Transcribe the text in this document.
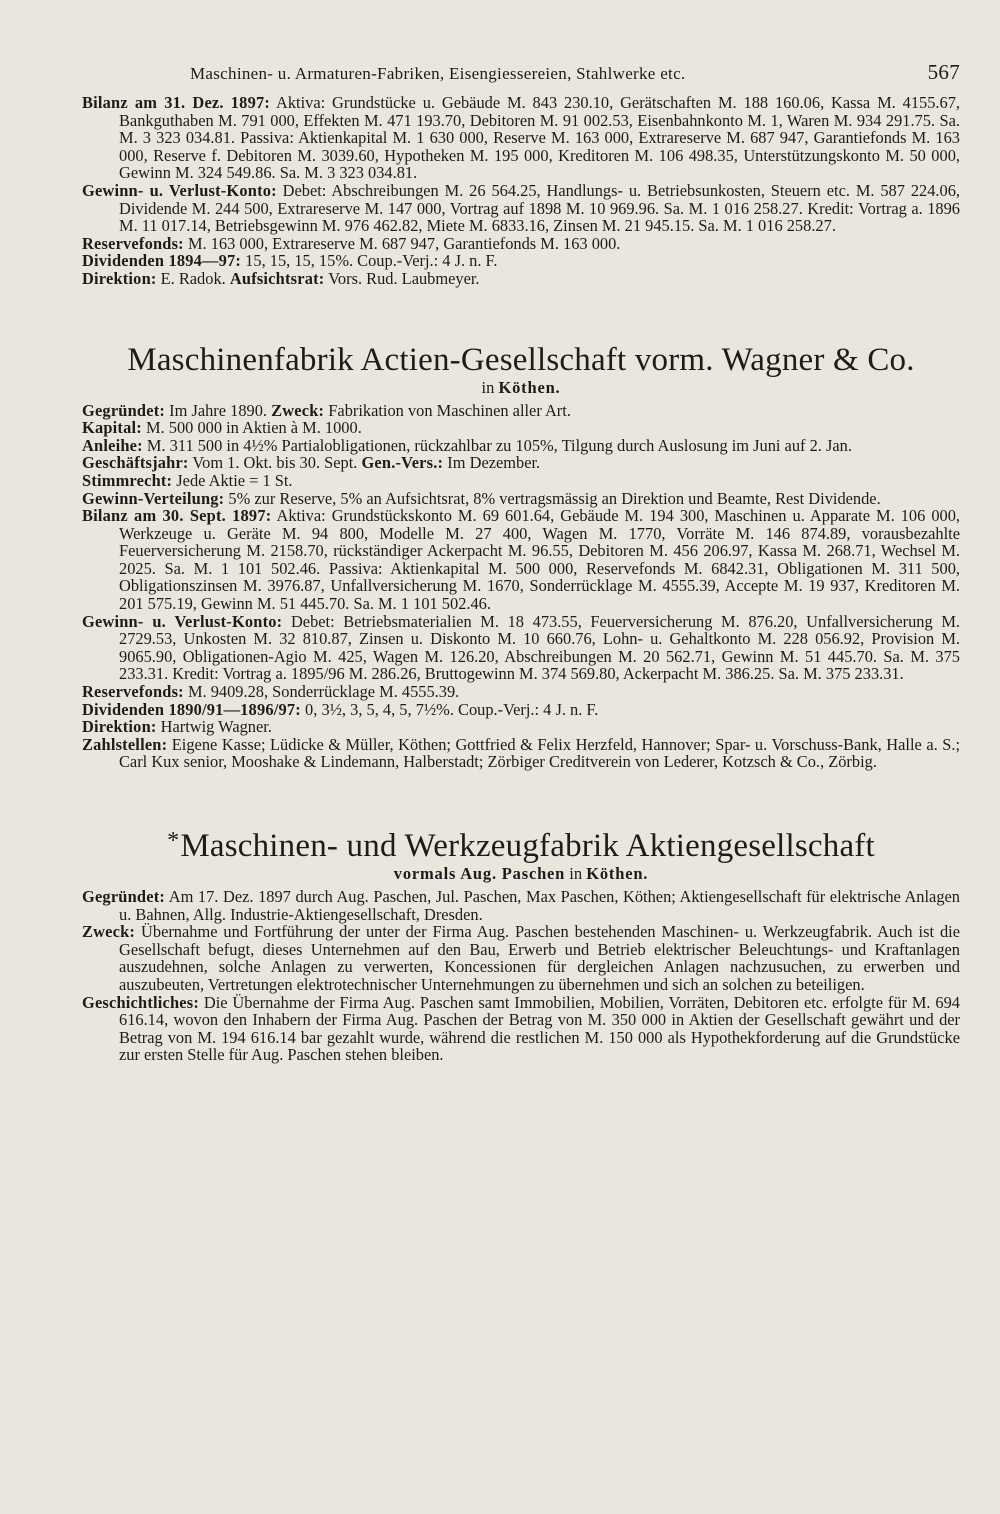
Maschinen- u. Armaturen-Fabriken, Eisengiessereien, Stahlwerke etc.	567

Bilanz am 31. Dez. 1897: Aktiva: Grundstücke u. Gebäude M. 843 230.10, Gerätschaften M. 188 160.06, Kassa M. 4155.67, Bankguthaben M. 791 000, Effekten M. 471 193.70, Debitoren M. 91 002.53, Eisenbahnkonto M. 1, Waren M. 934 291.75. Sa. M. 3 323 034.81. Passiva: Aktienkapital M. 1 630 000, Reserve M. 163 000, Extrareserve M. 687 947, Garantiefonds M. 163 000, Reserve f. Debitoren M. 3039.60, Hypotheken M. 195 000, Kreditoren M. 106 498.35, Unterstützungskonto M. 50 000, Gewinn M. 324 549.86. Sa. M. 3 323 034.81.

Gewinn- u. Verlust-Konto: Debet: Abschreibungen M. 26 564.25, Handlungs- u. Betriebsunkosten, Steuern etc. M. 587 224.06, Dividende M. 244 500, Extrareserve M. 147 000, Vortrag auf 1898 M. 10 969.96. Sa. M. 1 016 258.27. Kredit: Vortrag a. 1896 M. 11 017.14, Betriebsgewinn M. 976 462.82, Miete M. 6833.16, Zinsen M. 21 945.15. Sa. M. 1 016 258.27.

Reservefonds: M. 163 000, Extrareserve M. 687 947, Garantiefonds M. 163 000.

Dividenden 1894—97: 15, 15, 15, 15%. Coup.-Verj.: 4 J. n. F.

Direktion: E. Radok. Aufsichtsrat: Vors. Rud. Laubmeyer.

Maschinenfabrik Actien-Gesellschaft vorm. Wagner & Co.

in Köthen.

Gegründet: Im Jahre 1890. Zweck: Fabrikation von Maschinen aller Art.

Kapital: M. 500 000 in Aktien à M. 1000.

Anleihe: M. 311 500 in 4½% Partialobligationen, rückzahlbar zu 105%, Tilgung durch Auslosung im Juni auf 2. Jan.

Geschäftsjahr: Vom 1. Okt. bis 30. Sept. Gen.-Vers.: Im Dezember.

Stimmrecht: Jede Aktie = 1 St.

Gewinn-Verteilung: 5% zur Reserve, 5% an Aufsichtsrat, 8% vertragsmässig an Direktion und Beamte, Rest Dividende.

Bilanz am 30. Sept. 1897: Aktiva: Grundstückskonto M. 69 601.64, Gebäude M. 194 300, Maschinen u. Apparate M. 106 000, Werkzeuge u. Geräte M. 94 800, Modelle M. 27 400, Wagen M. 1770, Vorräte M. 146 874.89, vorausbezahlte Feuerversicherung M. 2158.70, rückständiger Ackerpacht M. 96.55, Debitoren M. 456 206.97, Kassa M. 268.71, Wechsel M. 2025. Sa. M. 1 101 502.46. Passiva: Aktienkapital M. 500 000, Reservefonds M. 6842.31, Obligationen M. 311 500, Obligationszinsen M. 3976.87, Unfallversicherung M. 1670, Sonderrücklage M. 4555.39, Accepte M. 19 937, Kreditoren M. 201 575.19, Gewinn M. 51 445.70. Sa. M. 1 101 502.46.

Gewinn- u. Verlust-Konto: Debet: Betriebsmaterialien M. 18 473.55, Feuerversicherung M. 876.20, Unfallversicherung M. 2729.53, Unkosten M. 32 810.87, Zinsen u. Diskonto M. 10 660.76, Lohn- u. Gehaltkonto M. 228 056.92, Provision M. 9065.90, Obligationen-Agio M. 425, Wagen M. 126.20, Abschreibungen M. 20 562.71, Gewinn M. 51 445.70. Sa. M. 375 233.31. Kredit: Vortrag a. 1895/96 M. 286.26, Bruttogewinn M. 374 569.80, Ackerpacht M. 386.25. Sa. M. 375 233.31.

Reservefonds: M. 9409.28, Sonderrücklage M. 4555.39.

Dividenden 1890/91—1896/97: 0, 3½, 3, 5, 4, 5, 7½%. Coup.-Verj.: 4 J. n. F.

Direktion: Hartwig Wagner.

Zahlstellen: Eigene Kasse; Lüdicke & Müller, Köthen; Gottfried & Felix Herzfeld, Hannover; Spar- u. Vorschuss-Bank, Halle a. S.; Carl Kux senior, Mooshake & Lindemann, Halberstadt; Zörbiger Creditverein von Lederer, Kotzsch & Co., Zörbig.

*Maschinen- und Werkzeugfabrik Aktiengesellschaft

vormals Aug. Paschen in Köthen.

Gegründet: Am 17. Dez. 1897 durch Aug. Paschen, Jul. Paschen, Max Paschen, Köthen; Aktiengesellschaft für elektrische Anlagen u. Bahnen, Allg. Industrie-Aktiengesellschaft, Dresden.

Zweck: Übernahme und Fortführung der unter der Firma Aug. Paschen bestehenden Maschinen- u. Werkzeugfabrik. Auch ist die Gesellschaft befugt, dieses Unternehmen auf den Bau, Erwerb und Betrieb elektrischer Beleuchtungs- und Kraftanlagen auszudehnen, solche Anlagen zu verwerten, Koncessionen für dergleichen Anlagen nachzusuchen, zu erwerben und auszubeuten, Vertretungen elektrotechnischer Unternehmungen zu übernehmen und sich an solchen zu beteiligen.

Geschichtliches: Die Übernahme der Firma Aug. Paschen samt Immobilien, Mobilien, Vorräten, Debitoren etc. erfolgte für M. 694 616.14, wovon den Inhabern der Firma Aug. Paschen der Betrag von M. 350 000 in Aktien der Gesellschaft gewährt und der Betrag von M. 194 616.14 bar gezahlt wurde, während die restlichen M. 150 000 als Hypothekforderung auf die Grundstücke zur ersten Stelle für Aug. Paschen stehen bleiben.
